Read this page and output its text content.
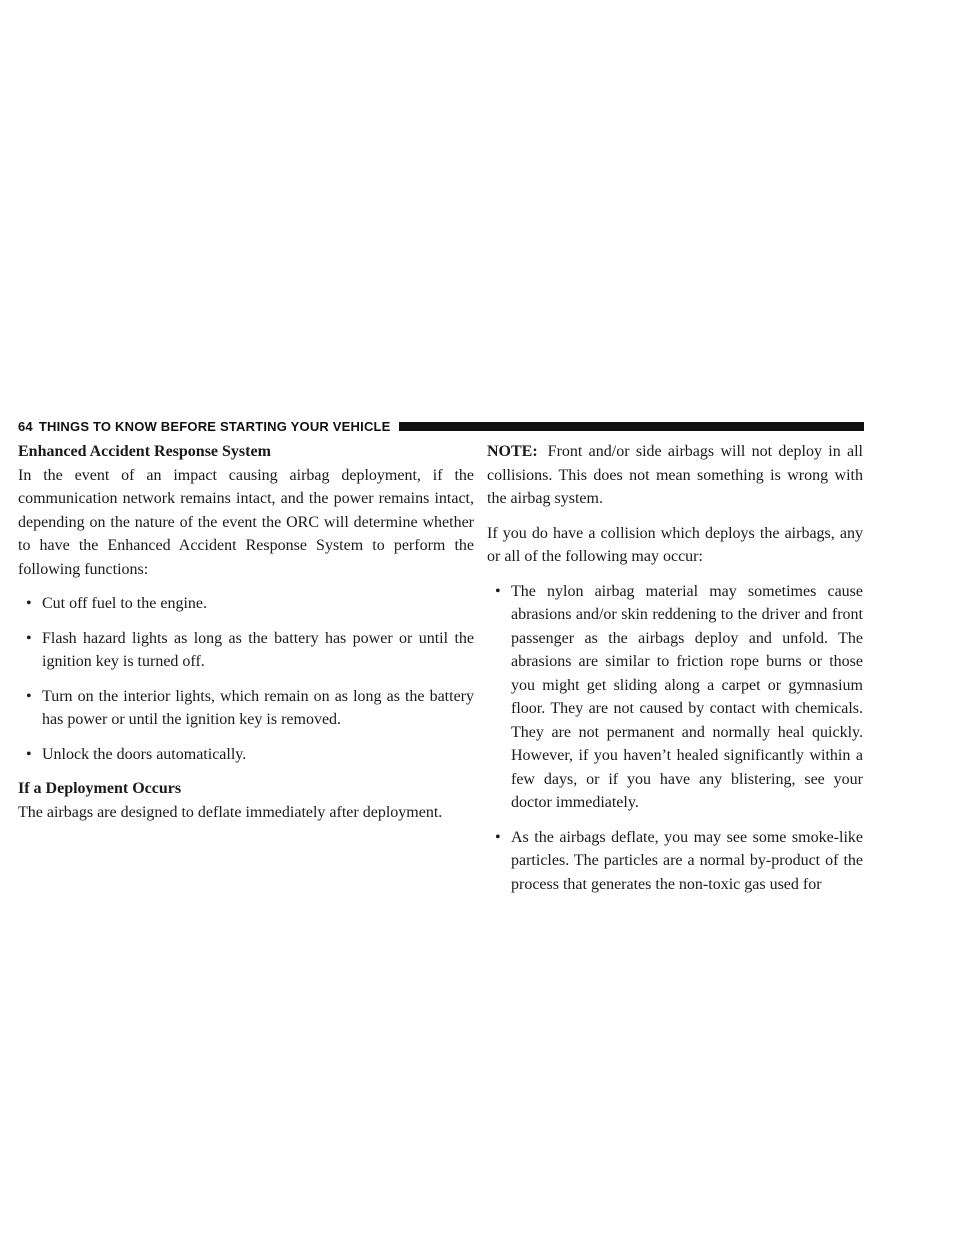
64 THINGS TO KNOW BEFORE STARTING YOUR VEHICLE
Enhanced Accident Response System

In the event of an impact causing airbag deployment, if the communication network remains intact, and the power remains intact, depending on the nature of the event the ORC will determine whether to have the Enhanced Accident Response System to perform the following functions:

• Cut off fuel to the engine.
• Flash hazard lights as long as the battery has power or until the ignition key is turned off.
• Turn on the interior lights, which remain on as long as the battery has power or until the ignition key is removed.
• Unlock the doors automatically.
If a Deployment Occurs

The airbags are designed to deflate immediately after deployment.

NOTE: Front and/or side airbags will not deploy in all collisions. This does not mean something is wrong with the airbag system.

If you do have a collision which deploys the airbags, any or all of the following may occur:

• The nylon airbag material may sometimes cause abrasions and/or skin reddening to the driver and front passenger as the airbags deploy and unfold. The abrasions are similar to friction rope burns or those you might get sliding along a carpet or gymnasium floor. They are not caused by contact with chemicals. They are not permanent and normally heal quickly. However, if you haven’t healed significantly within a few days, or if you have any blistering, see your doctor immediately.
• As the airbags deflate, you may see some smoke-like particles. The particles are a normal by-product of the process that generates the non-toxic gas used for
